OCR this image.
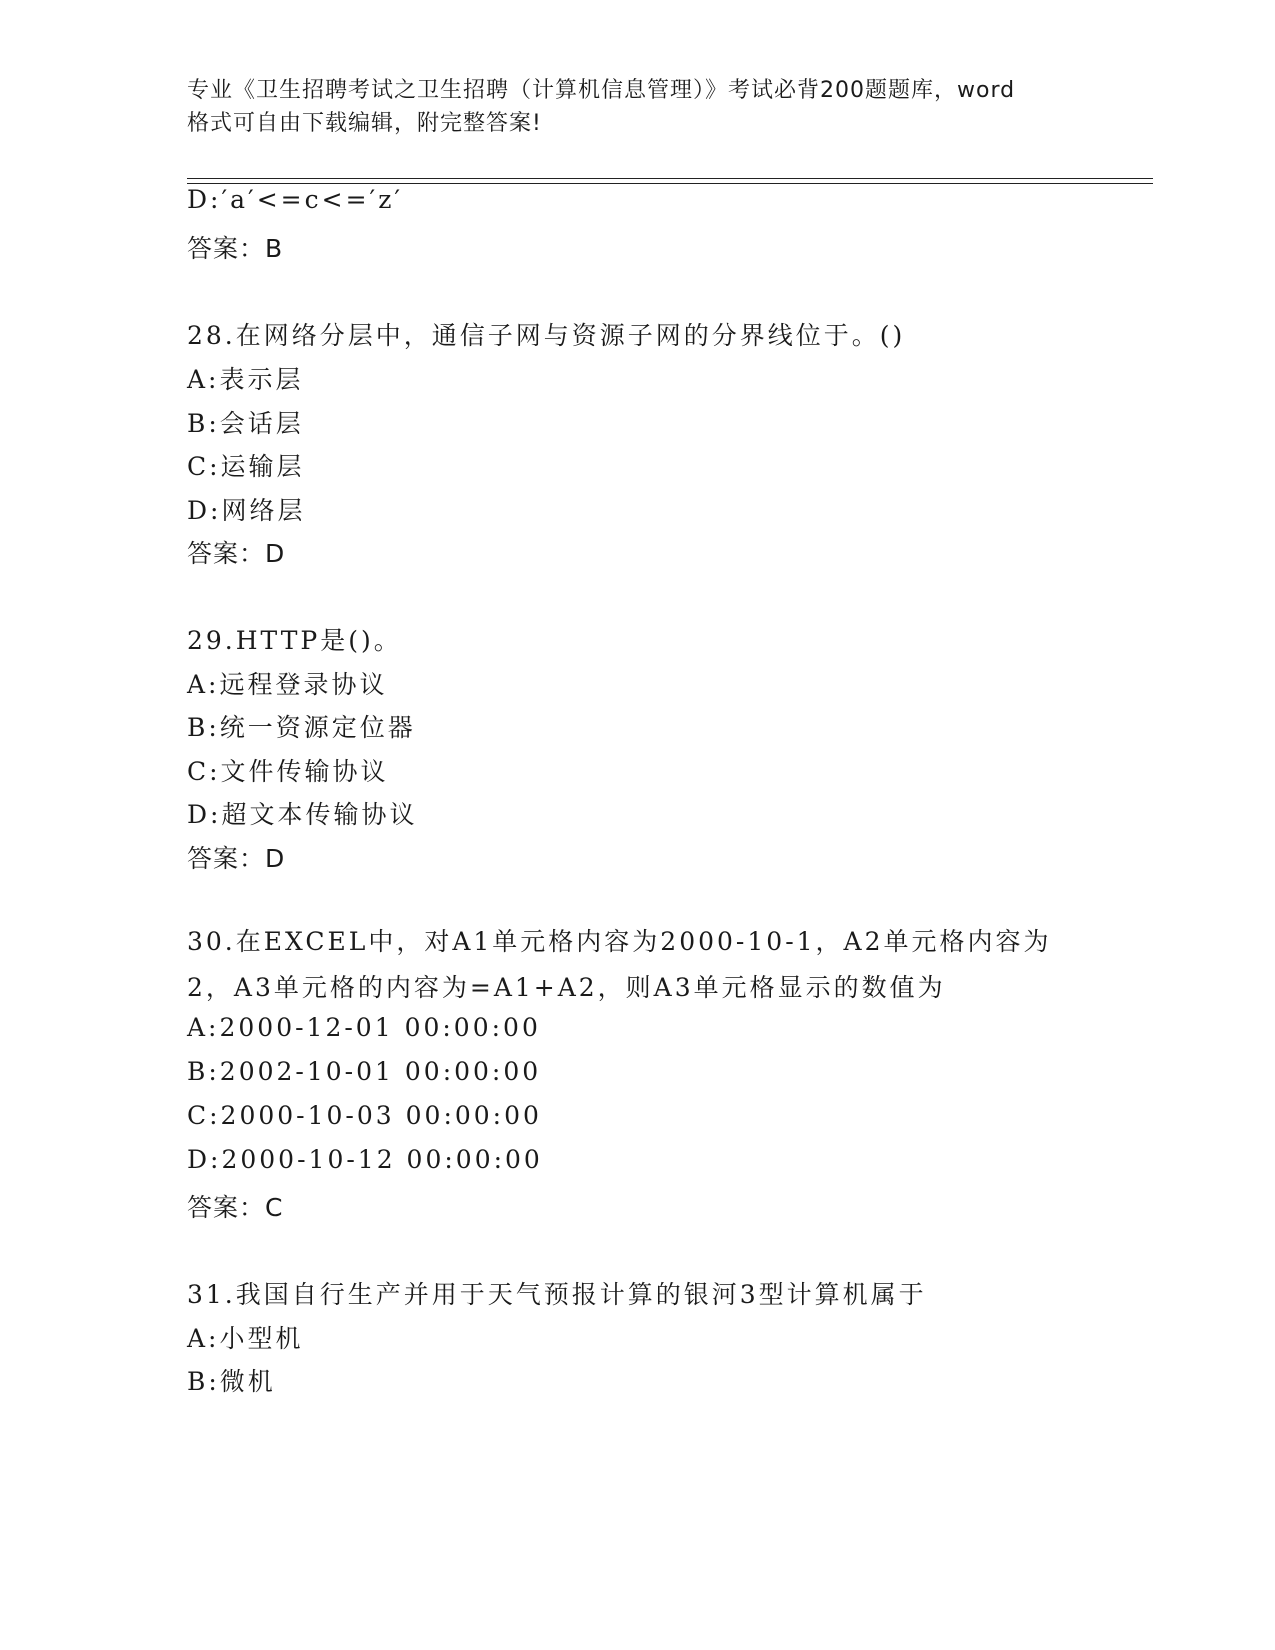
专业《卫生招聘考试之卫生招聘（计算机信息管理）》考试必背200题题库，word
格式可自由下载编辑，附完整答案!
D:′a′<=c<=′z′
答案：B
28.在网络分层中，通信子网与资源子网的分界线位于。()
A:表示层
B:会话层
C:运输层
D:网络层
答案：D
29.HTTP是()。
A:远程登录协议
B:统一资源定位器
C:文件传输协议
D:超文本传输协议
答案：D
30.在EXCEL中，对A1单元格内容为2000-10-1，A2单元格内容为2，A3单元格的内容为=A1+A2，则A3单元格显示的数值为
A:2000-12-01 00:00:00
B:2002-10-01 00:00:00
C:2000-10-03 00:00:00
D:2000-10-12 00:00:00
答案：C
31.我国自行生产并用于天气预报计算的银河3型计算机属于
A:小型机
B:微机
